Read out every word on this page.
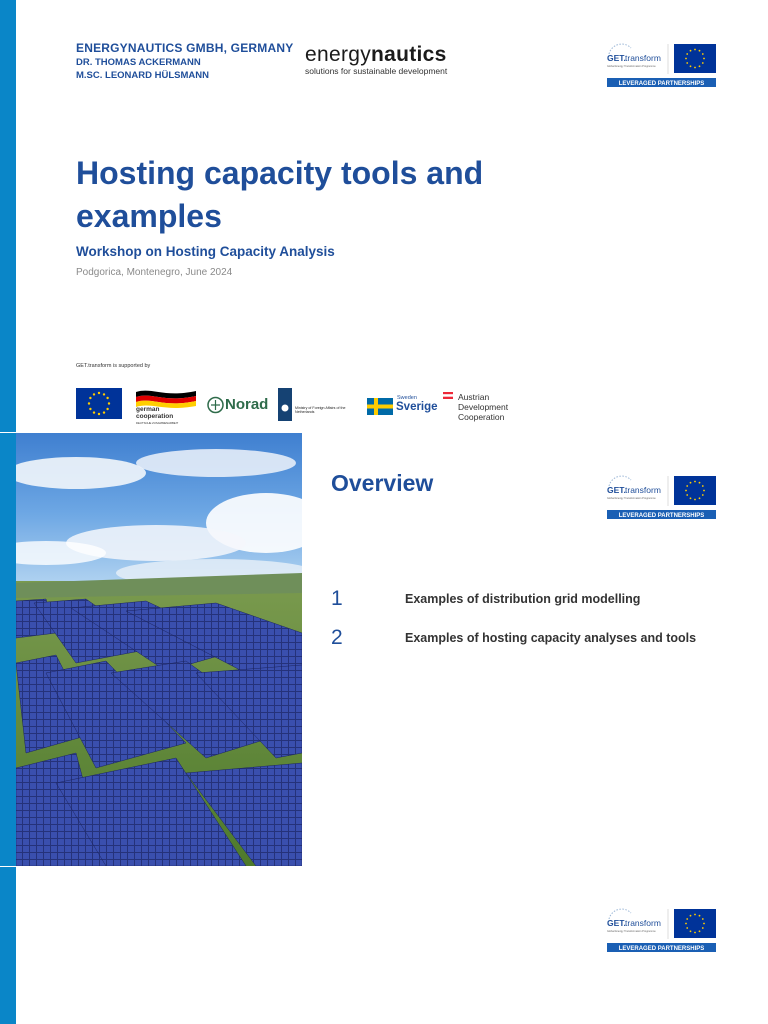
ENERGYNAUTICS GMBH, GERMANY
DR. THOMAS ACKERMANN
M.SC. LEONARD HÜLSMANN
energynautics
solutions for sustainable development
GET. transform
Global Energy Transformation Programme
LEVERAGED PARTNERSHIPS
Hosting capacity tools and examples
Workshop on Hosting Capacity Analysis
Podgorica, Montenegro, June 2024
GET.transform is supported by
german
cooperation
DEUTSCHE ZUSAMMENARBEIT
Norad	Ministry of Foreign Affairs of the Netherlands
Sweden
Sverige
Austrian
Development
Cooperation
Overview	GET. transform
Global Energy Transformation Programme
LEVERAGED PARTNERSHIPS
1	Examples of distribution grid modelling
2	Examples of hosting capacity analyses and tools
GET. transform
Global Energy Transformation Programme
LEVERAGED PARTNERSHIPS
